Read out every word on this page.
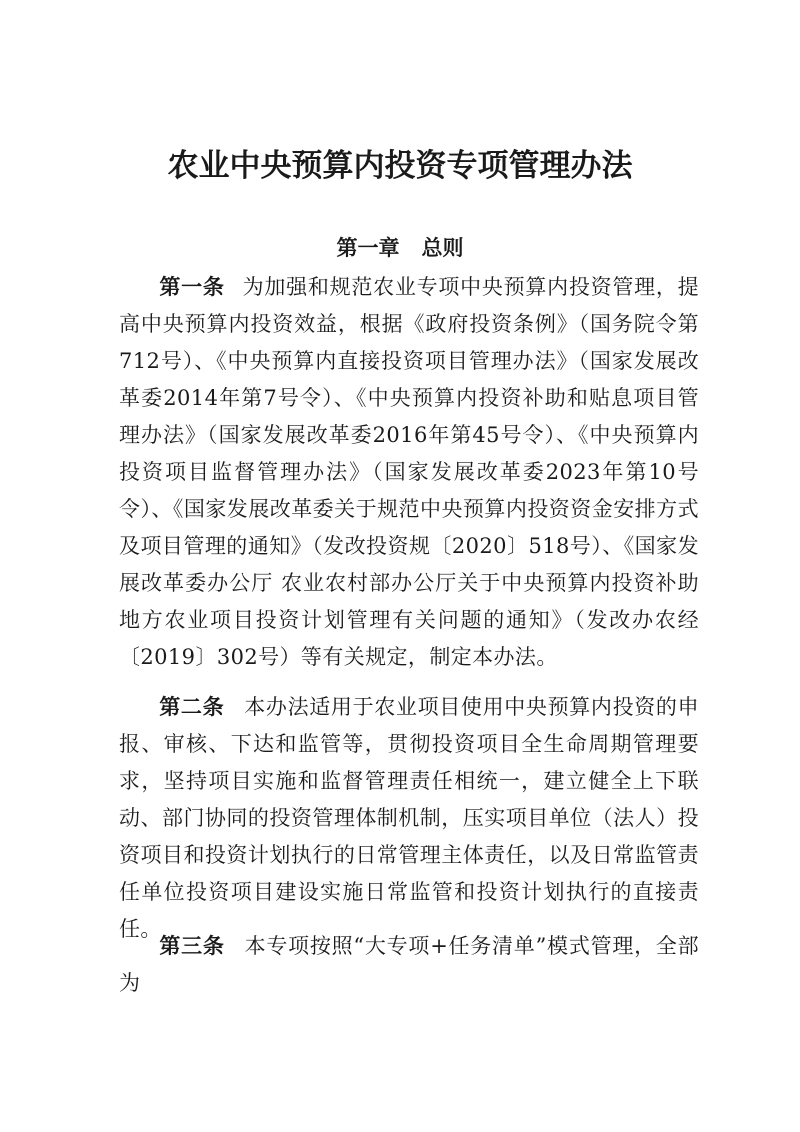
农业中央预算内投资专项管理办法
第一章 总则

第一条 为加强和规范农业专项中央预算内投资管理，提高中央预算内投资效益，根据《政府投资条例》（国务院令第712号）、《中央预算内直接投资项目管理办法》（国家发展改革委2014年第7号令）、《中央预算内投资补助和贴息项目管理办法》（国家发展改革委2016年第45号令）、《中央预算内投资项目监督管理办法》（国家发展改革委2023年第10号令）、《国家发展改革委关于规范中央预算内投资资金安排方式及项目管理的通知》（发改投资规〔2020〕518号）、《国家发展改革委办公厅 农业农村部办公厅关于中央预算内投资补助地方农业项目投资计划管理有关问题的通知》（发改办农经〔2019〕302号）等有关规定，制定本办法。

第二条 本办法适用于农业项目使用中央预算内投资的申报、审核、下达和监管等，贯彻投资项目全生命周期管理要求，坚持项目实施和监督管理责任相统一，建立健全上下联动、部门协同的投资管理体制机制，压实项目单位（法人）投资项目和投资计划执行的日常管理主体责任，以及日常监管责任单位投资项目建设实施日常监管和投资计划执行的直接责任。

第三条 本专项按照“大专项+任务清单”模式管理，全部为
